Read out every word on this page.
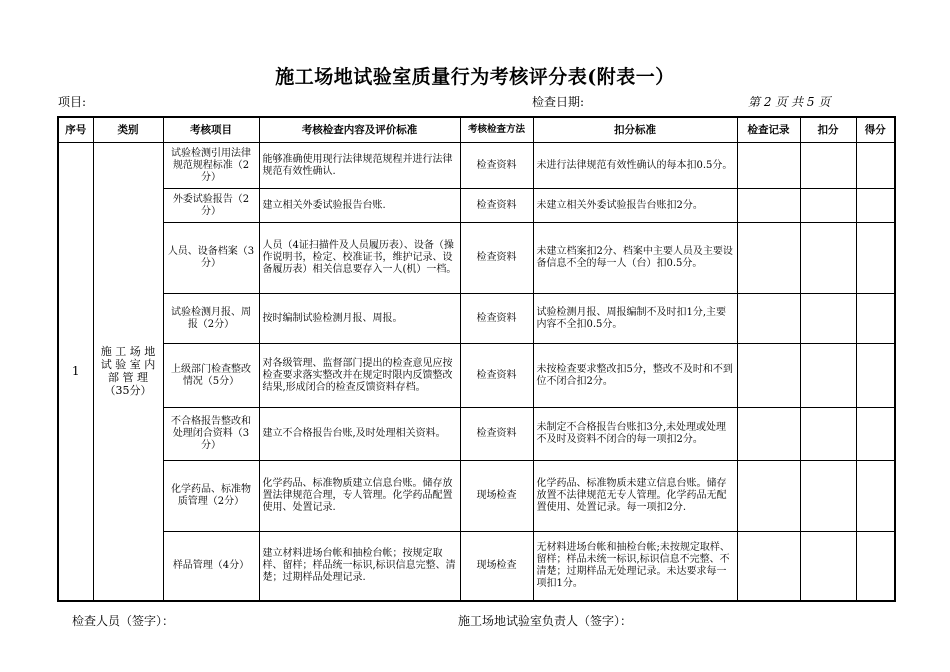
施工场地试验室质量行为考核评分表(附表一）
项目:	检查日期:	第 2 页 共 5 页
序号	类别	考核项目	考核检查内容及评价标准	考核检查方法	扣分标准	检查记录	扣分	得分
1	施 工 场 地 试 验 室 内 部 管 理 （35分）	试验检测引用法律规范规程标准（2分）	能够准确使用现行法律规范规程并进行法律规范有效性确认.	检查资料	未进行法律规范有效性确认的每本扣0.5分。			
		外委试验报告（2分）	建立相关外委试验报告台账.	检查资料	未建立相关外委试验报告台账扣2分。			
		人员、设备档案（3分）	人员（4证扫描件及人员履历表）、设备（操作说明书，检定、校准证书，维护记录、设备履历表）相关信息要存入一人(机）一档。	检查资料	未建立档案扣2分、档案中主要人员及主要设备信息不全的每一人（台）扣0.5分。			
		试验检测月报、周报（2分）	按时编制试验检测月报、周报。	检查资料	试验检测月报、周报编制不及时扣1分,主要内容不全扣0.5分。			
		上级部门检查整改情况（5分）	对各级管理、监督部门提出的检查意见应按检查要求落实整改并在规定时限内反馈整改结果,形成闭合的检查反馈资料存档。	检查资料	未按检查要求整改扣5分，整改不及时和不到位不闭合扣2分。			
		不合格报告整改和处理闭合资料（3分）	建立不合格报告台账,及时处理相关资料。	检查资料	未制定不合格报告台账扣3分,未处理或处理不及时及资料不闭合的每一项扣2分。			
		化学药品、标准物质管理（2分）	化学药品、标准物质建立信息台账。储存放置法律规范合理，专人管理。化学药品配置使用、处置记录.	现场检查	化学药品、标准物质未建立信息台账。储存放置不法律规范无专人管理。化学药品无配置使用、处置记录。每一项扣2分.			
		样品管理（4分）	建立材料进场台帐和抽检台帐；按规定取样、留样；样品统一标识,标识信息完整、清楚；过期样品处理记录.	现场检查	无材料进场台帐和抽检台帐;未按规定取样、留样；样品未统一标识,标识信息不完整、不清楚；过期样品无处理记录。未达要求每一项扣1分。			
检查人员（签字）：	施工场地试验室负责人（签字）：
